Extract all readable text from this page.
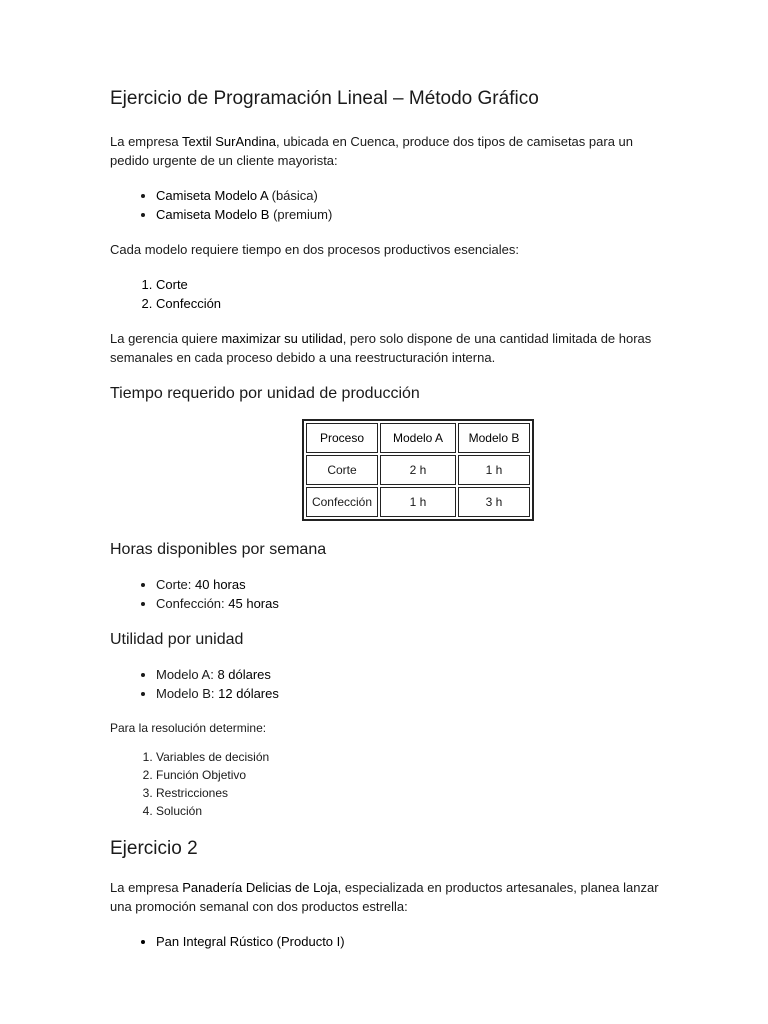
Ejercicio de Programación Lineal – Método Gráfico

La empresa Textil SurAndina, ubicada en Cuenca, produce dos tipos de camisetas para un pedido urgente de un cliente mayorista:

• Camiseta Modelo A (básica)
• Camiseta Modelo B (premium)

Cada modelo requiere tiempo en dos procesos productivos esenciales:

1. Corte
2. Confección

La gerencia quiere maximizar su utilidad, pero solo dispone de una cantidad limitada de horas semanales en cada proceso debido a una reestructuración interna.

Tiempo requerido por unidad de producción
Proceso	Modelo A	Modelo B
Corte	2 h	1 h
Confección	1 h	3 h
Horas disponibles por semana
• Corte: 40 horas
• Confección: 45 horas
Utilidad por unidad
• Modelo A: 8 dólares
• Modelo B: 12 dólares

Para la resolución determine:

1. Variables de decisión
2. Función Objetivo
3. Restricciones
4. Solución
Ejercicio 2

La empresa Panadería Delicias de Loja, especializada en productos artesanales, planea lanzar una promoción semanal con dos productos estrella:

• Pan Integral Rústico (Producto I)
